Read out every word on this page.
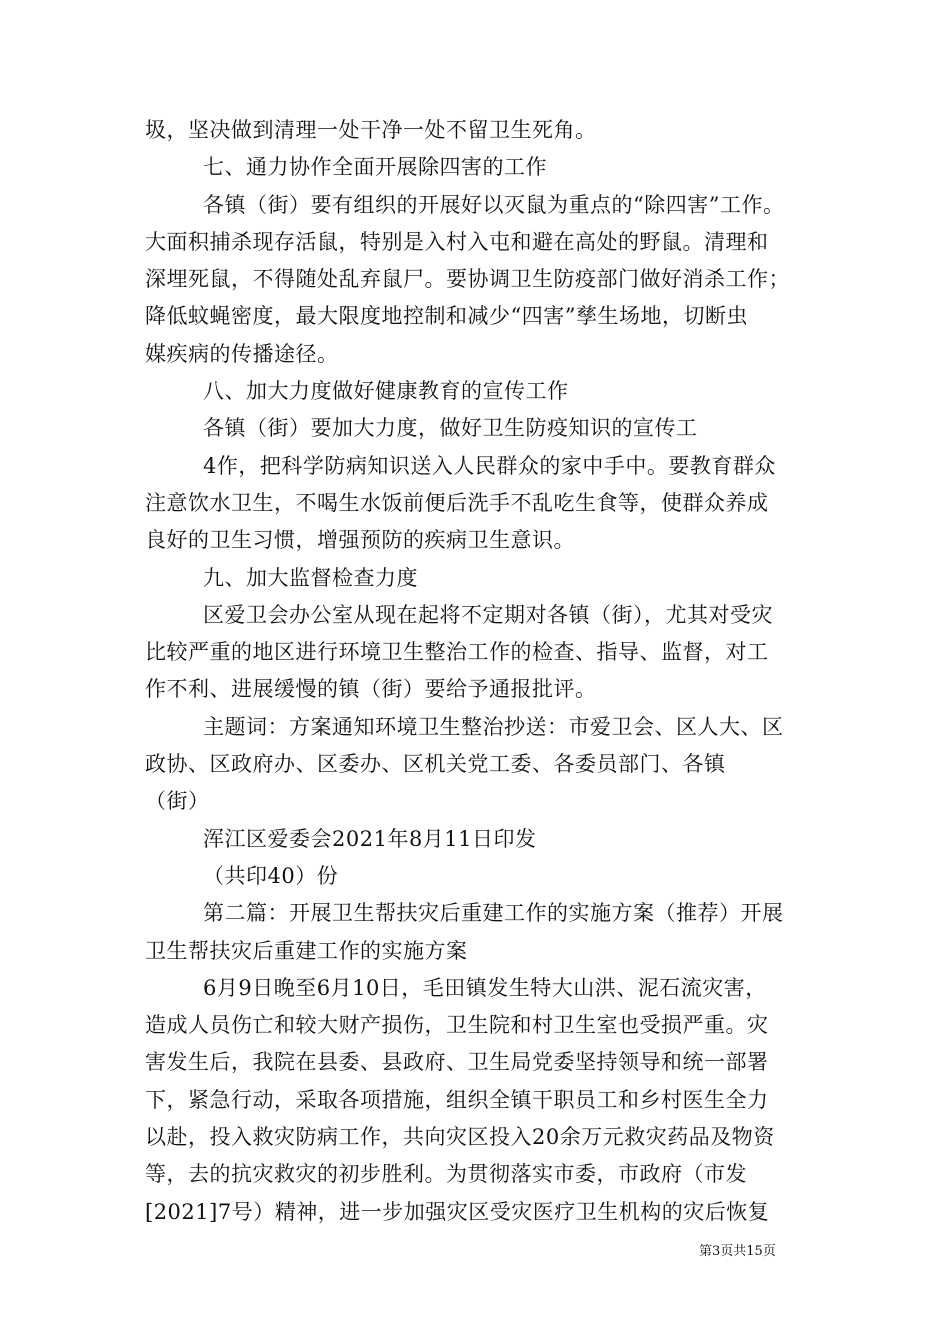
圾，坚决做到清理一处干净一处不留卫生死角。
七、通力协作全面开展除四害的工作
各镇（街）要有组织的开展好以灭鼠为重点的“除四害”工作。
大面积捕杀现存活鼠，特别是入村入屯和避在高处的野鼠。清理和
深埋死鼠，不得随处乱弃鼠尸。要协调卫生防疫部门做好消杀工作；
降低蚊蝇密度，最大限度地控制和减少“四害”孳生场地，切断虫
媒疾病的传播途径。
八、加大力度做好健康教育的宣传工作
各镇（街）要加大力度，做好卫生防疫知识的宣传工
4作，把科学防病知识送入人民群众的家中手中。要教育群众
注意饮水卫生，不喝生水饭前便后洗手不乱吃生食等，使群众养成
良好的卫生习惯，增强预防的疾病卫生意识。
九、加大监督检查力度
区爱卫会办公室从现在起将不定期对各镇（街），尤其对受灾
比较严重的地区进行环境卫生整治工作的检查、指导、监督，对工
作不利、进展缓慢的镇（街）要给予通报批评。
主题词：方案通知环境卫生整治抄送：市爱卫会、区人大、区
政协、区政府办、区委办、区机关党工委、各委员部门、各镇
（街）
浑江区爱委会2021年8月11日印发
（共印40）份
第二篇：开展卫生帮扶灾后重建工作的实施方案（推荐）开展
卫生帮扶灾后重建工作的实施方案
6月9日晚至6月10日，毛田镇发生特大山洪、泥石流灾害，
造成人员伤亡和较大财产损伤，卫生院和村卫生室也受损严重。灾
害发生后，我院在县委、县政府、卫生局党委坚持领导和统一部署
下，紧急行动，采取各项措施，组织全镇干职员工和乡村医生全力
以赴，投入救灾防病工作，共向灾区投入20余万元救灾药品及物资
等，去的抗灾救灾的初步胜利。为贯彻落实市委，市政府（市发
[2021]7号）精神，进一步加强灾区受灾医疗卫生机构的灾后恢复
第3页共15页
